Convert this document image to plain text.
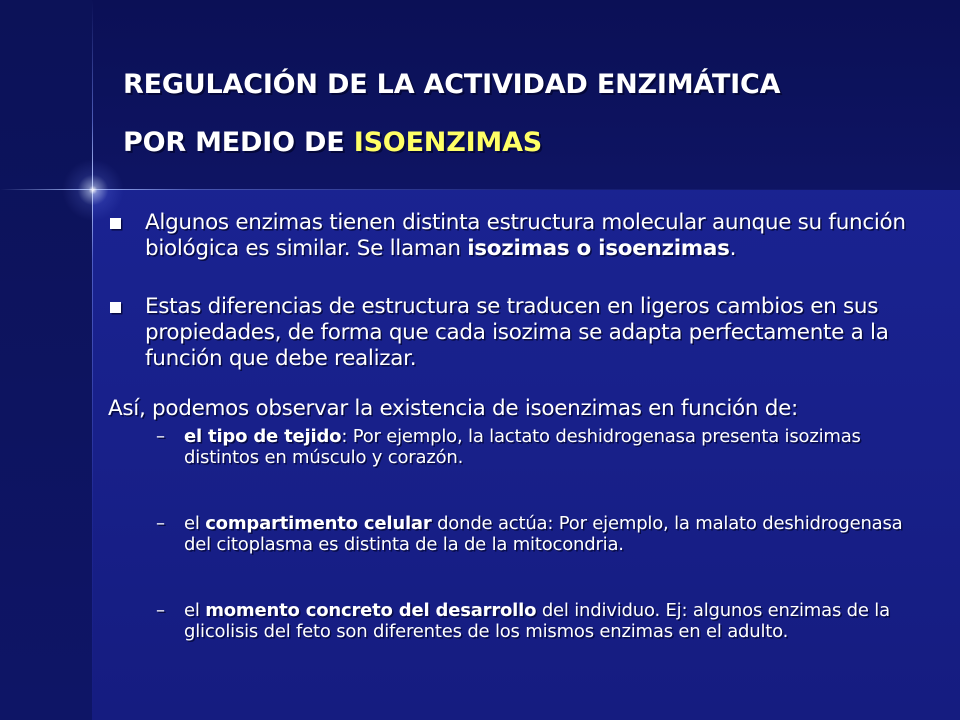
REGULACIÓN DE LA ACTIVIDAD ENZIMÁTICA
POR MEDIO DE ISOENZIMAS
Algunos enzimas tienen distinta estructura molecular aunque su función biológica es similar. Se llaman isozimas o isoenzimas.
Estas diferencias de estructura se traducen en ligeros cambios en sus propiedades, de forma que cada isozima se adapta perfectamente a la función que debe realizar.
Así, podemos observar la existencia de isoenzimas en función de:
– el tipo de tejido: Por ejemplo, la lactato deshidrogenasa presenta isozimas distintos en músculo y corazón.
– el compartimento celular donde actúa: Por ejemplo, la malato deshidrogenasa del citoplasma es distinta de la de la mitocondria.
– el momento concreto del desarrollo del individuo. Ej: algunos enzimas de la glicolisis del feto son diferentes de los mismos enzimas en el adulto.
